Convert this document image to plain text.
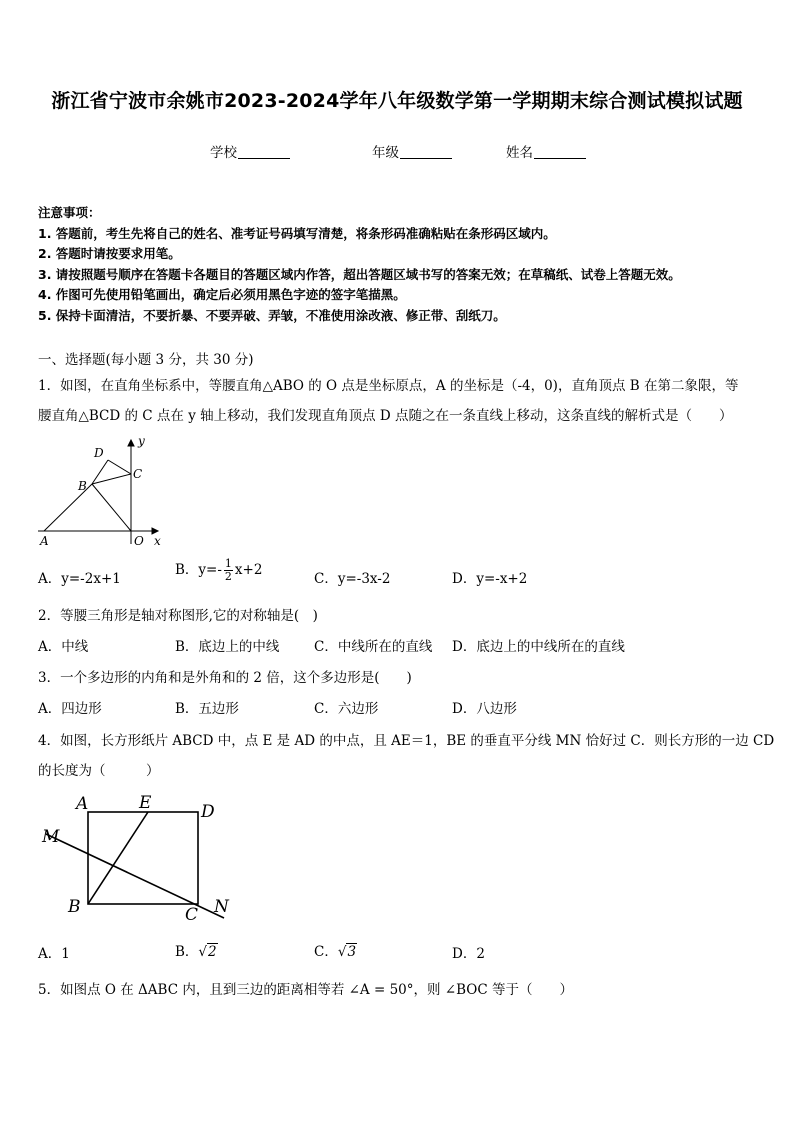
浙江省宁波市余姚市2023-2024学年八年级数学第一学期期末综合测试模拟试题
学校	年级	姓名
注意事项：
1. 答题前，考生先将自己的姓名、准考证号码填写清楚，将条形码准确粘贴在条形码区域内。
2. 答题时请按要求用笔。
3. 请按照题号顺序在答题卡各题目的答题区域内作答，超出答题区域书写的答案无效；在草稿纸、试卷上答题无效。
4. 作图可先使用铅笔画出，确定后必须用黑色字迹的签字笔描黑。
5. 保持卡面清洁，不要折暴、不要弄破、弄皱，不准使用涂改液、修正带、刮纸刀。
一、选择题(每小题 3 分，共 30 分)
1．如图，在直角坐标系中，等腰直角△ABO 的 O 点是坐标原点，A 的坐标是（-4，0)，直角顶点 B 在第二象限，等
腰直角△BCD 的 C 点在 y 轴上移动，我们发现直角顶点 D 点随之在一条直线上移动，这条直线的解析式是（　　）
A
B
C
D
O x
y
A．y=-2x+1
B．$y=- \frac{1}{2} x+2$
C．y=-3x-2	D．y=-x+2
2．等腰三角形是轴对称图形,它的对称轴是(　)
A．中线	B．底边上的中线	C．中线所在的直线 D．底边上的中线所在的直线
3．一个多边形的内角和是外角和的 2 倍，这个多边形是(　　)
A．四边形	B．五边形	C．六边形	D．八边形
4．如图，长方形纸片 ABCD 中，点 E 是 AD 的中点，且 AE＝1，BE 的垂直平分线 MN 恰好过 C．则长方形的一边 CD
的长度为（　　　）
A	E	D
M
B	C N
A．1	B．√2	C．√3	D．2
5．如图点 O 在 ΔABC 内，且到三边的距离相等若 ∠A = 50°，则 ∠BOC 等于（　　）
